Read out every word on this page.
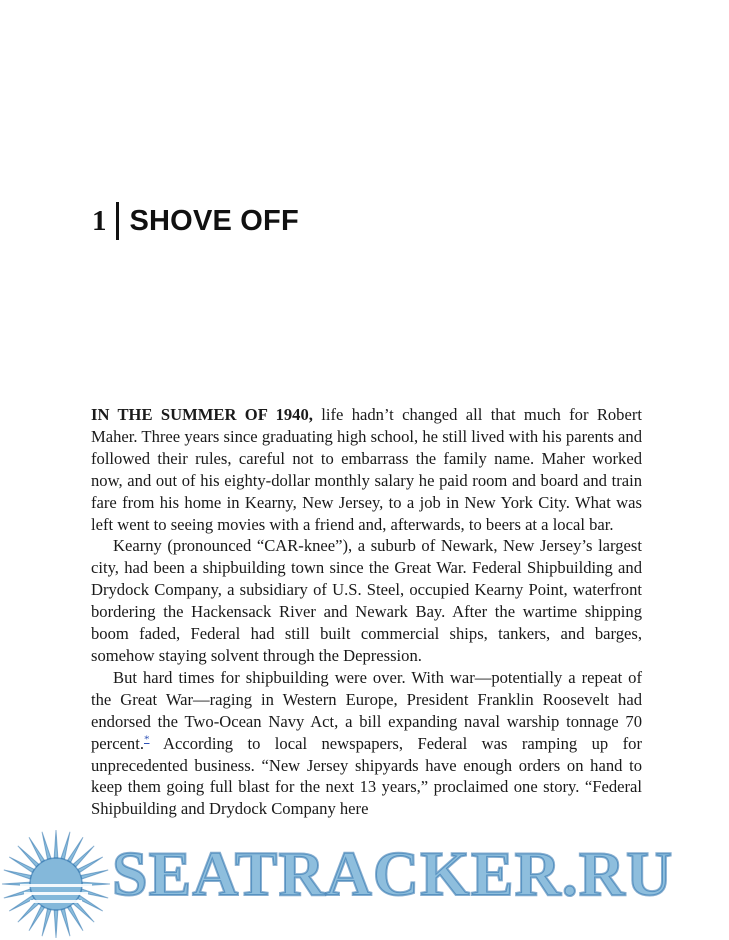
1 SHOVE OFF

IN THE SUMMER OF 1940, life hadn’t changed all that much for Robert Maher. Three years since graduating high school, he still lived with his parents and followed their rules, careful not to embarrass the family name. Maher worked now, and out of his eighty-dollar monthly salary he paid room and board and train fare from his home in Kearny, New Jersey, to a job in New York City. What was left went to seeing movies with a friend and, afterwards, to beers at a local bar.

Kearny (pronounced “CAR-knee”), a suburb of Newark, New Jersey’s largest city, had been a shipbuilding town since the Great War. Federal Shipbuilding and Drydock Company, a subsidiary of U.S. Steel, occupied Kearny Point, waterfront bordering the Hackensack River and Newark Bay. After the wartime shipping boom faded, Federal had still built commercial ships, tankers, and barges, somehow staying solvent through the Depression.

But hard times for shipbuilding were over. With war—potentially a repeat of the Great War—raging in Western Europe, President Franklin Roosevelt had endorsed the Two-Ocean Navy Act, a bill expanding naval warship tonnage 70 percent.* According to local newspapers, Federal was ramping up for unprecedented business. “New Jersey shipyards have enough orders on hand to keep them going full blast for the next 13 years,” proclaimed one story. “Federal Shipbuilding and Drydock Company here

SEATRACKER.RU
